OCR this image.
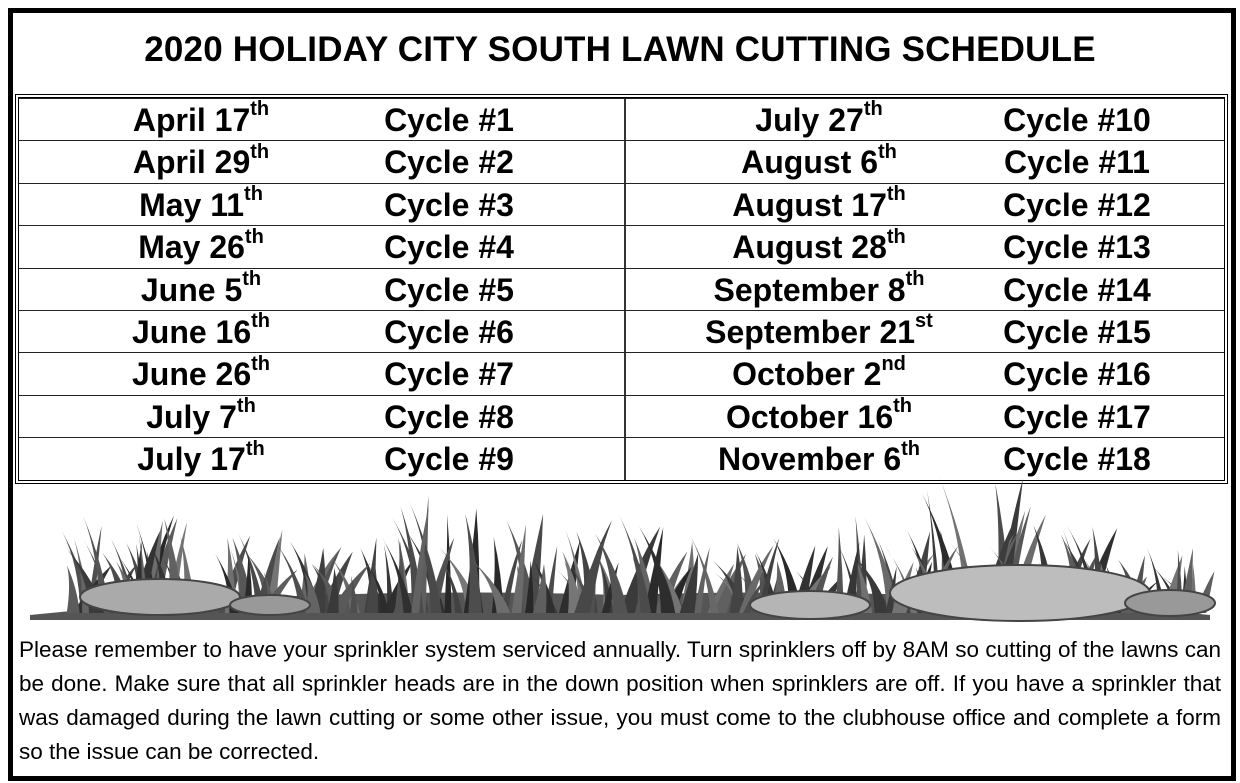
2020 HOLIDAY CITY SOUTH LAWN CUTTING SCHEDULE
April 17th	Cycle #1	July 27th	Cycle #10
April 29th	Cycle #2	August 6th	Cycle #11
May 11th	Cycle #3	August 17th	Cycle #12
May 26th	Cycle #4	August 28th	Cycle #13
June 5th	Cycle #5	September 8th Cycle #14
June 16th	Cycle #6	September 21st Cycle #15
June 26th	Cycle #7	October 2nd	Cycle #16
July 7th	Cycle #8	October 16th	Cycle #17
July 17th	Cycle #9	November 6th	Cycle #18
Please remember to have your sprinkler system serviced annually. Turn sprinklers off by 8AM so cutting of the lawns can be done. Make sure that all sprinkler heads are in the down position when sprinklers are off. If you have a sprinkler that was damaged during the lawn cutting or some other issue, you must come to the clubhouse office and complete a form so the issue can be corrected.
